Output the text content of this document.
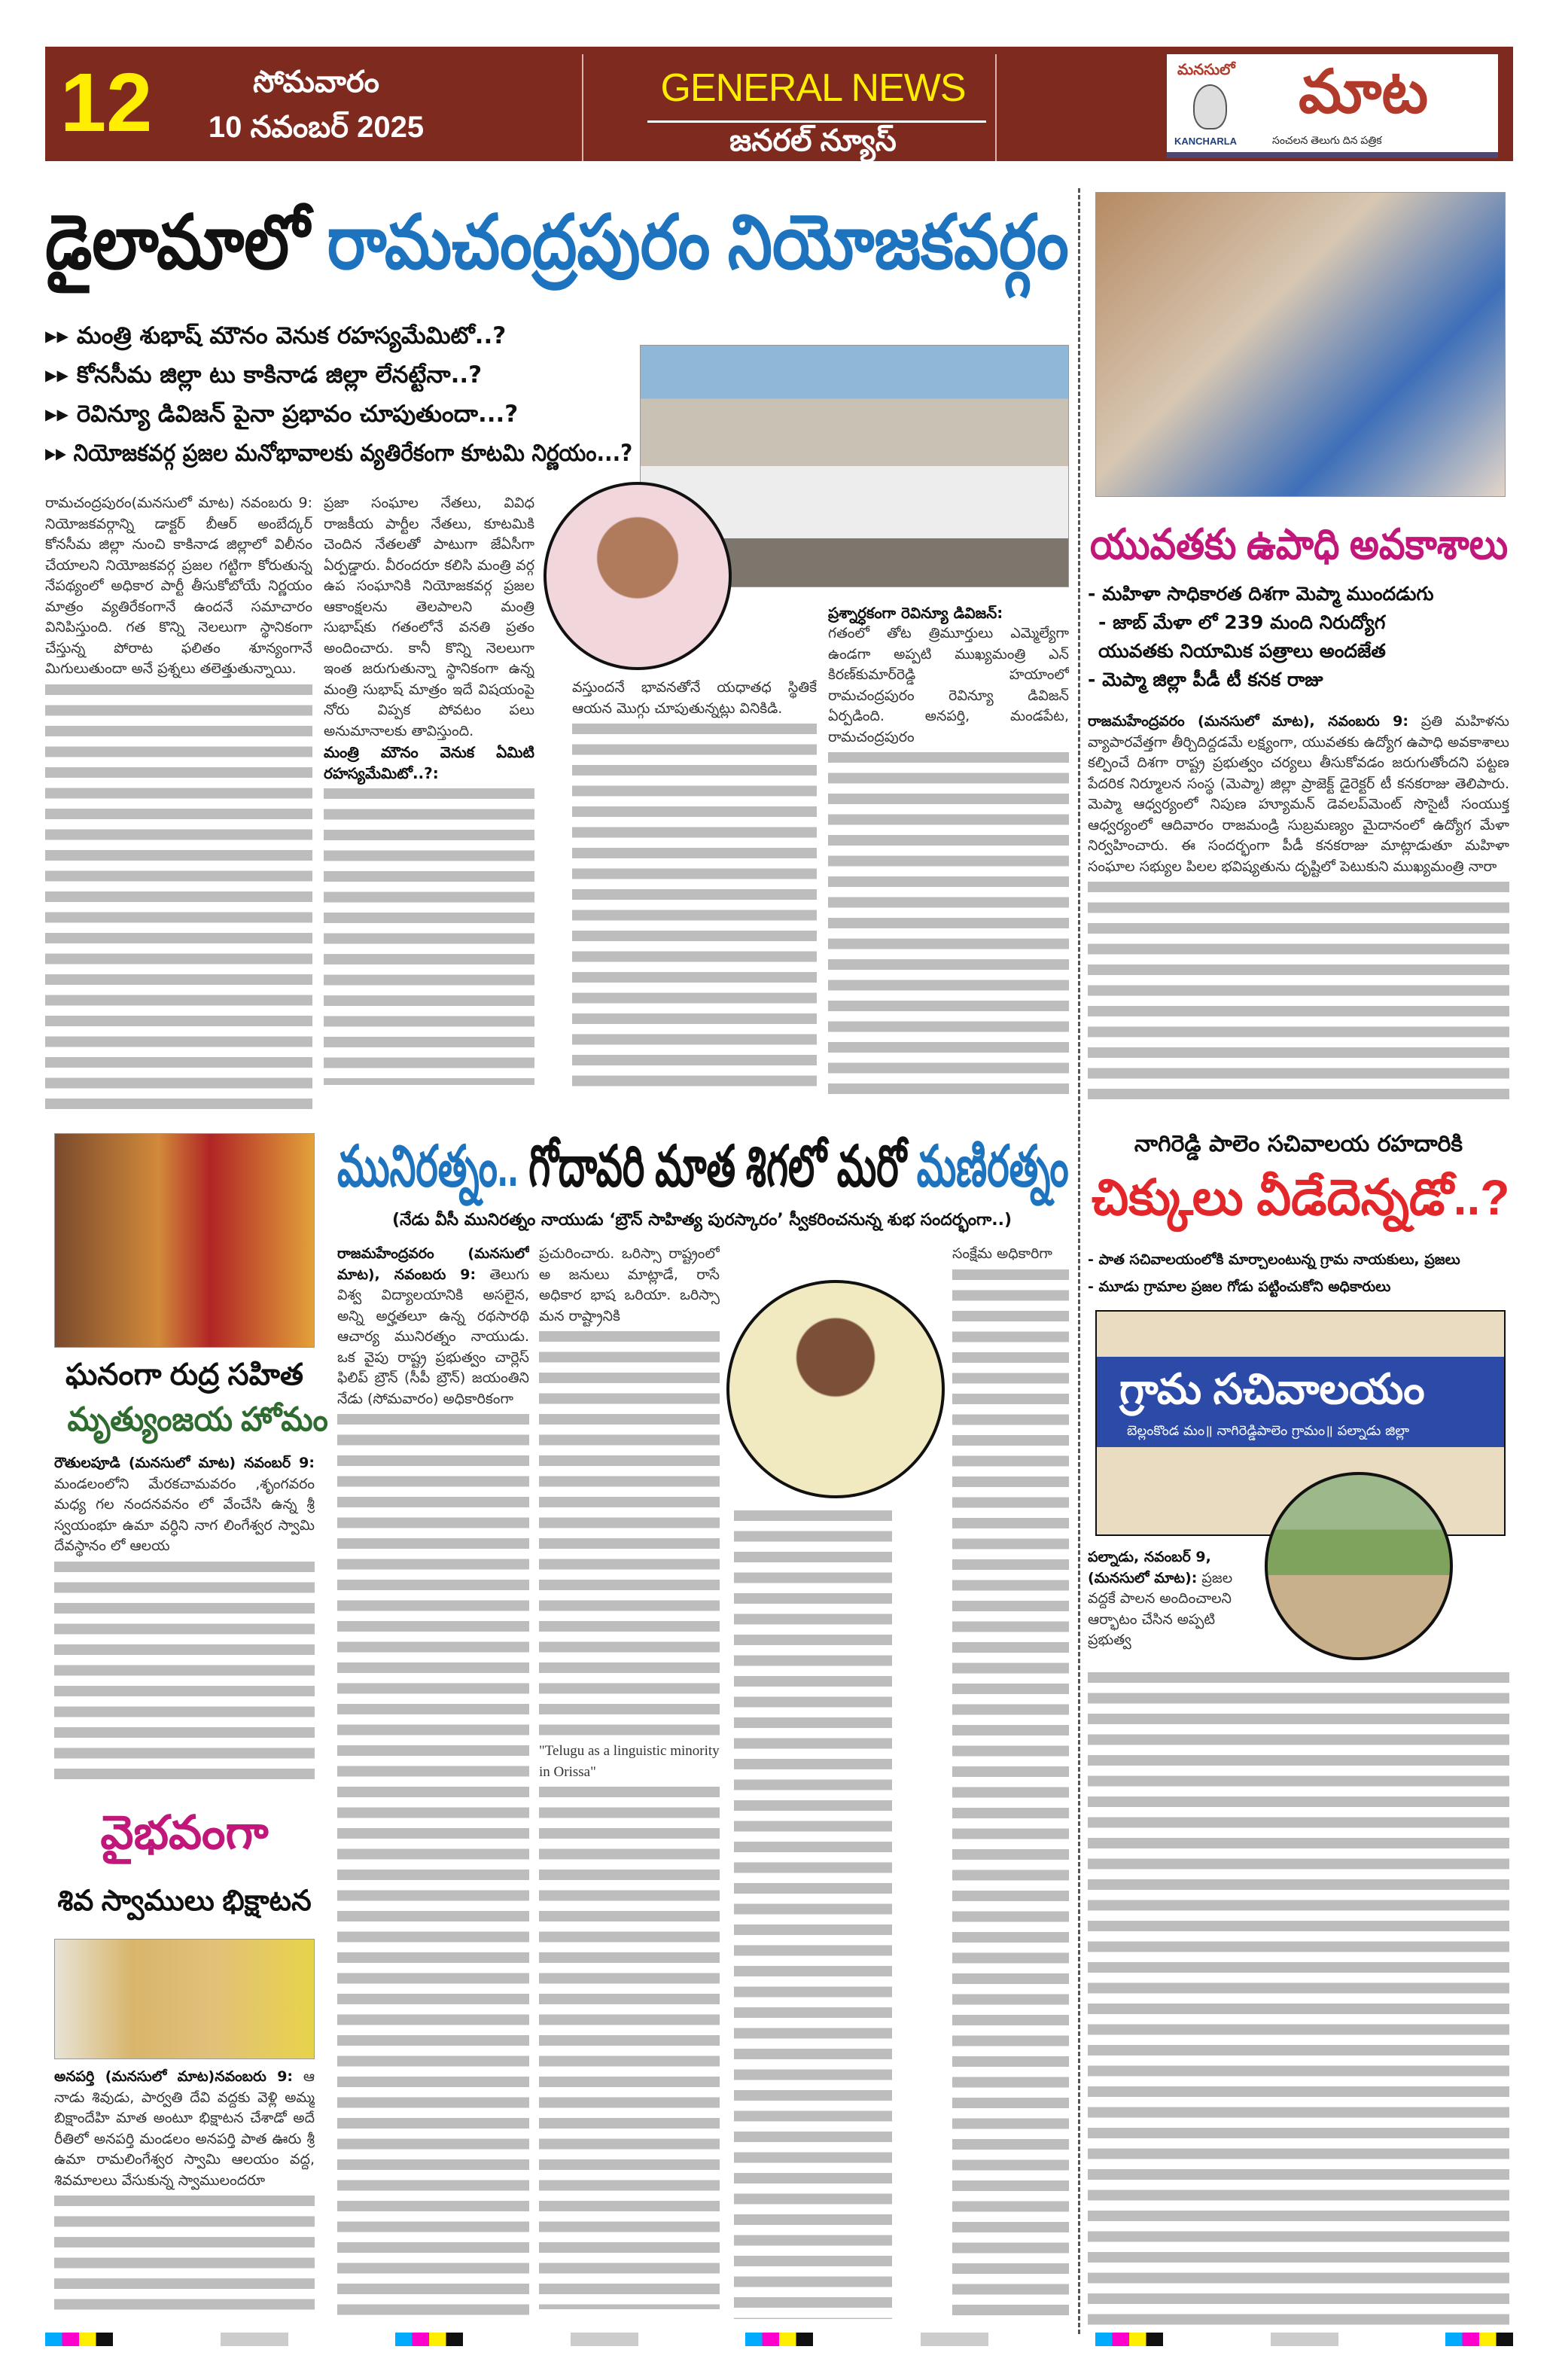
12	సోమవారం
10 నవంబర్ 2025
GENERAL NEWS
జనరల్ న్యూస్
మనసులో మాట
KANCHARLA	సంచలన తెలుగు దిన పత్రిక
డైలామాలో రామచంద్రపురం నియోజకవర్గం
▸▸ మంత్రి శుభాష్ మౌనం వెనుక రహస్యమేమిటో..?
▸▸ కోనసీమ జిల్లా టు కాకినాడ జిల్లా లేనట్టేనా..?
▸▸ రెవిన్యూ డివిజన్ పైనా ప్రభావం చూపుతుందా...?
▸▸ నియోజకవర్గ ప్రజల మనోభావాలకు వ్యతిరేకంగా కూటమి నిర్ణయం...?
రామచంద్రపురం(మనసులో మాట) నవంబరు 9: నియోజకవర్గాన్ని డాక్టర్ బీఆర్ అంబేద్కర్ కోనసీమ జిల్లా నుంచి కాకినాడ జిల్లాలో విలీనం చేయాలని నియోజకవర్గ ప్రజల గట్టిగా కోరుతున్న నేపథ్యంలో అధికార పార్టీ తీసుకోబోయే నిర్ణయం మాత్రం వ్యతిరేకంగానే ఉందనే సమాచారం వినిపిస్తుంది. గత కొన్ని నెలలుగా స్థానికంగా చేస్తున్న పోరాట ఫలితం శూన్యంగానే మిగులుతుందా అనే ప్రశ్నలు తలెత్తుతున్నాయి.
ప్రజా సంఘాల నేతలు, వివిధ రాజకీయ పార్టీల నేతలు, కూటమికి చెందిన నేతలతో పాటుగా జేఏసీగా ఏర్పడ్డారు. వీరందరూ కలిసి మంత్రి వర్గ ఉప సంఘానికి నియోజకవర్గ ప్రజల ఆకాంక్షలను తెలపాలని మంత్రి సుభాష్‌కు గతంలోనే వనతి ప్రతం అందించారు. కానీ కొన్ని నెలలుగా ఇంత జరుగుతున్నా స్థానికంగా ఉన్న మంత్రి సుభాష్ మాత్రం ఇదే విషయంపై నోరు విప్పక పోవటం పలు అనుమానాలకు తావిస్తుంది.
మంత్రి మౌనం వెనుక ఏమిటి రహస్యమేమిటో..?:
వస్తుందనే భావనతోనే యధాతధ స్థితికే ఆయన మొగ్గు చూపుతున్నట్లు వినికిడి.
ప్రశ్నార్ధకంగా రెవిన్యూ డివిజన్:
గతంలో తోట త్రిమూర్తులు ఎమ్మెల్యేగా ఉండగా అప్పటి ముఖ్యమంత్రి ఎన్ కిరణ్‌కుమార్‌రెడ్డి హయాంలో రామచంద్రపురం రెవిన్యూ డివిజన్ ఏర్పడింది. అనపర్తి, మండపేట, రామచంద్రపురం
యువతకు ఉపాధి అవకాశాలు
- మహిళా సాధికారత దిశగా మెప్మా ముందడుగు
- జాబ్ మేళా లో 239 మంది నిరుద్యోగ
యువతకు నియామిక పత్రాలు అందజేత
- మెప్మా జిల్లా పీడీ టీ కనక రాజు
రాజమహేంద్రవరం (మనసులో మాట), నవంబరు 9: ప్రతి మహిళను వ్యాపారవేత్తగా తీర్చిదిద్దడమే లక్ష్యంగా, యువతకు ఉద్యోగ ఉపాధి అవకాశాలు కల్పించే దిశగా రాష్ట్ర ప్రభుత్వం చర్యలు తీసుకోవడం జరుగుతోందని పట్టణ పేదరిక నిర్మూలన సంస్థ (మెప్మా) జిల్లా ప్రాజెక్ట్ డైరెక్టర్ టీ కనకరాజు తెలిపారు. మెప్మా ఆధ్వర్యంలో నిపుణ హ్యూమన్ డెవలప్‌మెంట్ సొసైటీ సంయుక్త ఆధ్వర్యంలో ఆదివారం రాజమండ్రి సుబ్రమణ్యం మైదానంలో ఉద్యోగ మేళా నిర్వహించారు. ఈ సందర్భంగా పీడీ కనకరాజు మాట్లాడుతూ మహిళా సంఘాల సభ్యుల పిలల భవిష్యతును దృష్టిలో పెటుకుని ముఖ్యమంత్రి నారా
ఘనంగా రుద్ర సహిత
మృత్యుంజయ హోమం
రౌతులపూడి (మనసులో మాట) నవంబర్ 9: మండలంలోని మేరకచామవరం ,శృంగవరం మధ్య గల నందనవనం లో వేంచేసి ఉన్న శ్రీ స్వయంభూ ఉమా వర్ధిని నాగ లింగేశ్వర స్వామి దేవస్థానం లో ఆలయ
వైభవంగా
శివ స్వాములు భిక్షాటన
అనపర్తి (మనసులో మాట)నవంబరు 9: ఆ నాడు శివుడు, పార్వతి దేవి వద్దకు వెళ్లి అమ్మ బిక్షాందేహి మాత అంటూ భిక్షాటన చేశాడో అదే రీతిలో అనపర్తి మండలం అనపర్తి పాత ఊరు శ్రీ ఉమా రామలింగేశ్వర స్వామి ఆలయం వద్ద, శివమాలలు వేసుకున్న స్వాములందరూ
మునిరత్నం.. గోదావరి మాత శిగలో మరో మణిరత్నం
(నేడు వీసీ మునిరత్నం నాయుడు ‘బ్రౌన్ సాహిత్య పురస్కారం’ స్వీకరించనున్న శుభ సందర్భంగా..)
రాజమహేంద్రవరం (మనసులో మాట), నవంబరు 9: తెలుగు విశ్వ విద్యాలయానికి అసలైన, అన్ని అర్హతలూ ఉన్న రథసారథి ఆచార్య మునిరత్నం నాయుడు. ఒక వైపు రాష్ట్ర ప్రభుత్వం చార్లెస్ ఫిలిప్ బ్రౌన్ (సీపీ బ్రౌన్) జయంతిని నేడు (సోమవారం) అధికారికంగా
ప్రచురించారు. ఒరిస్సా రాష్ట్రంలో అ జనులు మాట్లాడే, రాసే అధికార భాష ఒరియా. ఒరిస్సా మన రాష్ట్రానికి
"Telugu as a linguistic minority in Orissa"
సంక్షేమ అధికారిగా
నాగిరెడ్డి పాలెం సచివాలయ రహదారికి
చిక్కులు వీడేదెన్నడో..?
- పాత సచివాలయంలోకి మార్చాలంటున్న గ్రామ నాయకులు, ప్రజలు
- మూడు గ్రామాల ప్రజల గోడు పట్టించుకోని అధికారులు
గ్రామ సచివాలయం
బెల్లంకొండ మం॥ నాగిరెడ్డిపాలెం గ్రామం॥ పల్నాడు జిల్లా
పల్నాడు, నవంబర్ 9,(మనసులో మాట): ప్రజల వద్దకే పాలన అందించాలని ఆర్భాటం చేసిన అప్పటి ప్రభుత్వ
